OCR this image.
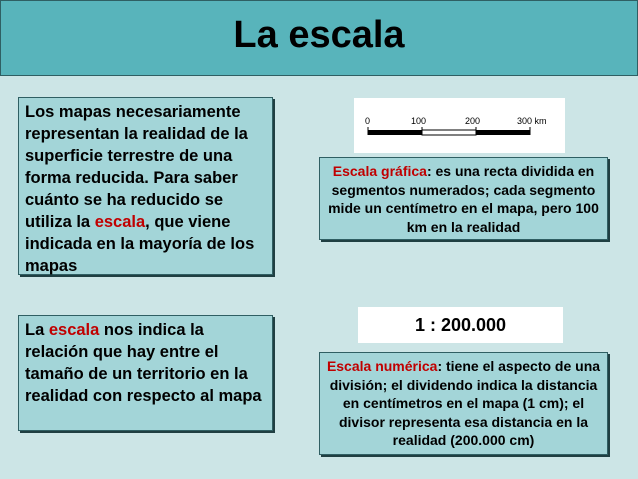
La escala
Los mapas necesariamente representan la realidad de la superficie terrestre de una forma reducida. Para saber cuánto se ha reducido se utiliza la escala, que viene indicada en la mayoría de los mapas
La escala nos indica la relación que hay entre el tamaño de un territorio en la realidad con respecto al mapa
0	100	200	300 km
Escala gráfica: es una recta dividida en segmentos numerados; cada segmento mide un centímetro en el mapa, pero 100 km en la realidad
1 : 200.000
Escala numérica: tiene el aspecto de una división; el dividendo indica la distancia en centímetros en el mapa (1 cm); el divisor representa esa distancia en la realidad (200.000 cm)
